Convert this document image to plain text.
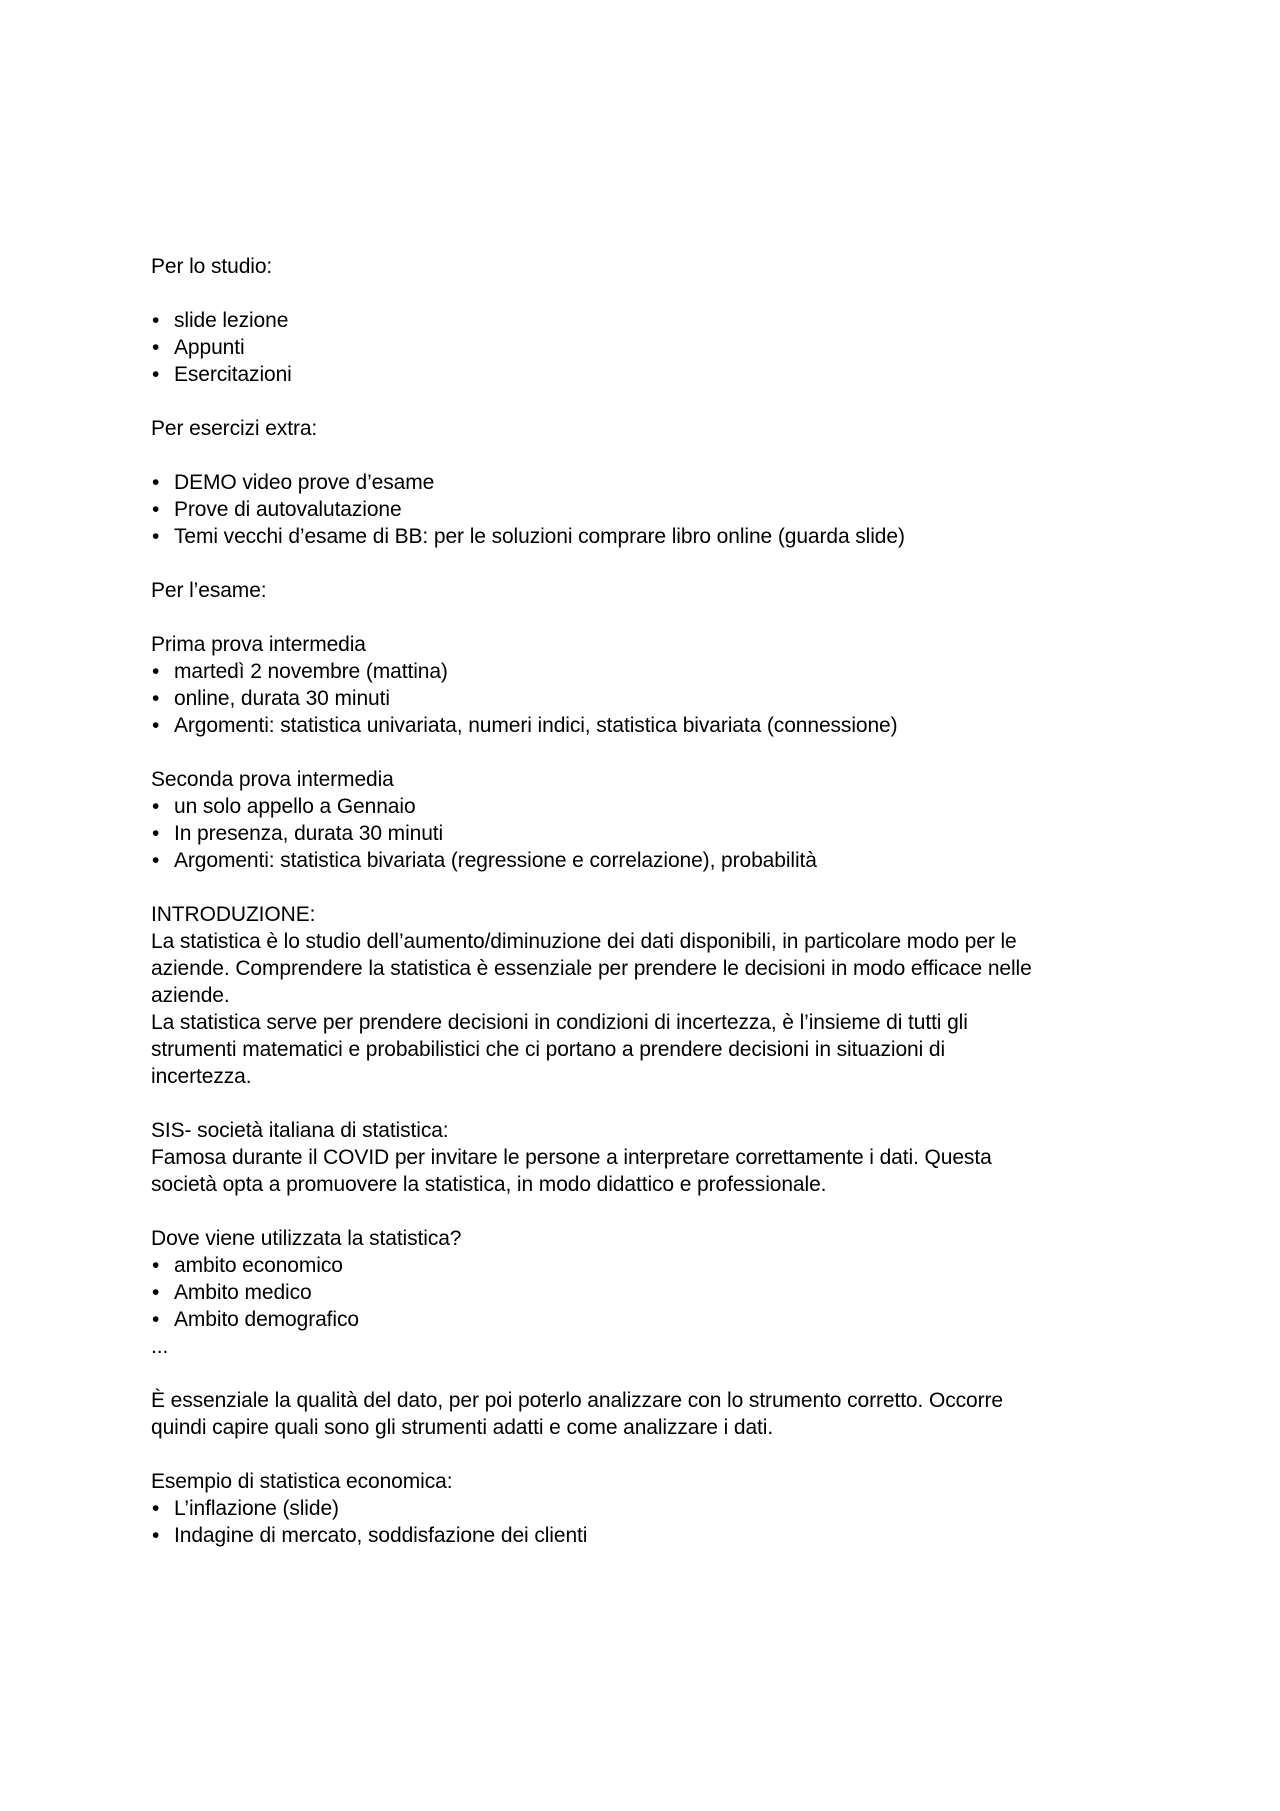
Per lo studio:

• slide lezione
• Appunti
• Esercitazioni

Per esercizi extra:

• DEMO video prove d’esame
• Prove di autovalutazione
• Temi vecchi d’esame di BB: per le soluzioni comprare libro online (guarda slide)

Per l’esame:

Prima prova intermedia

• martedì 2 novembre (mattina)
• online, durata 30 minuti
• Argomenti: statistica univariata, numeri indici, statistica bivariata (connessione)

Seconda prova intermedia

• un solo appello a Gennaio
• In presenza, durata 30 minuti
• Argomenti: statistica bivariata (regressione e correlazione), probabilità

INTRODUZIONE:

La statistica è lo studio dell’aumento/diminuzione dei dati disponibili, in particolare modo per le

aziende. Comprendere la statistica è essenziale per prendere le decisioni in modo efficace nelle

aziende.

La statistica serve per prendere decisioni in condizioni di incertezza, è l’insieme di tutti gli

strumenti matematici e probabilistici che ci portano a prendere decisioni in situazioni di

incertezza.

SIS- società italiana di statistica:

Famosa durante il COVID per invitare le persone a interpretare correttamente i dati. Questa

società opta a promuovere la statistica, in modo didattico e professionale.

Dove viene utilizzata la statistica?

• ambito economico
• Ambito medico
• Ambito demografico

...

È essenziale la qualità del dato, per poi poterlo analizzare con lo strumento corretto. Occorre

quindi capire quali sono gli strumenti adatti e come analizzare i dati.

Esempio di statistica economica:

• L’inflazione (slide)
• Indagine di mercato, soddisfazione dei clienti
